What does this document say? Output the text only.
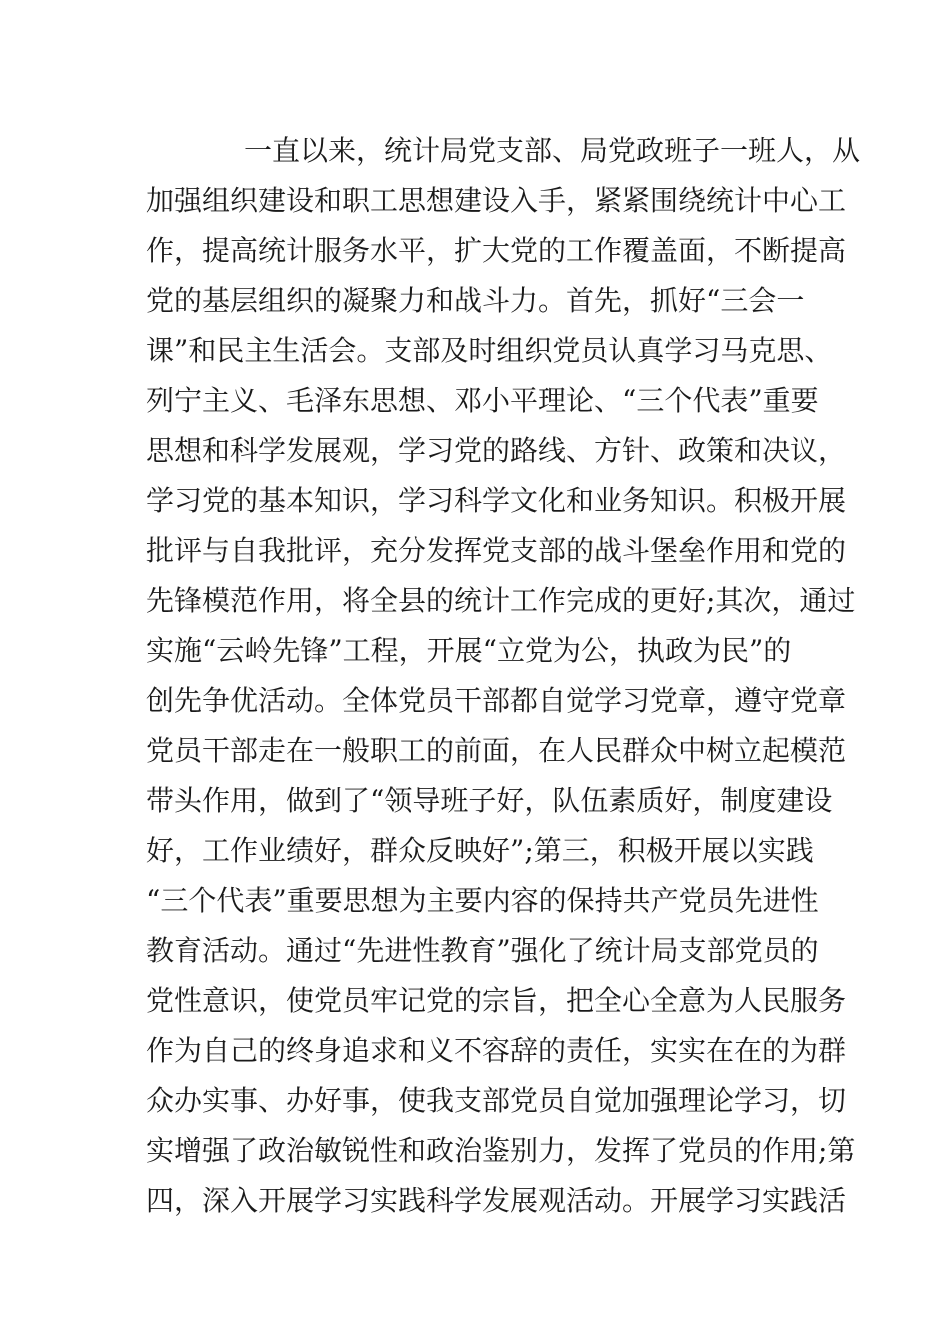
一直以来，统计局党支部、局党政班子一班人，从
加强组织建设和职工思想建设入手，紧紧围绕统计中心工
作，提高统计服务水平，扩大党的工作覆盖面，不断提高
党的基层组织的凝聚力和战斗力。首先，抓好“三会一
课”和民主生活会。支部及时组织党员认真学习马克思、
列宁主义、毛泽东思想、邓小平理论、“三个代表”重要
思想和科学发展观，学习党的路线、方针、政策和决议，
学习党的基本知识，学习科学文化和业务知识。积极开展
批评与自我批评，充分发挥党支部的战斗堡垒作用和党的
先锋模范作用，将全县的统计工作完成的更好;其次，通过
实施“云岭先锋”工程，开展“立党为公，执政为民”的
创先争优活动。全体党员干部都自觉学习党章，遵守党章
党员干部走在一般职工的前面，在人民群众中树立起模范
带头作用，做到了“领导班子好，队伍素质好，制度建设
好，工作业绩好，群众反映好”;第三，积极开展以实践
“三个代表”重要思想为主要内容的保持共产党员先进性
教育活动。通过“先进性教育”强化了统计局支部党员的
党性意识，使党员牢记党的宗旨，把全心全意为人民服务
作为自己的终身追求和义不容辞的责任，实实在在的为群
众办实事、办好事，使我支部党员自觉加强理论学习，切
实增强了政治敏锐性和政治鉴别力，发挥了党员的作用;第
四，深入开展学习实践科学发展观活动。开展学习实践活
